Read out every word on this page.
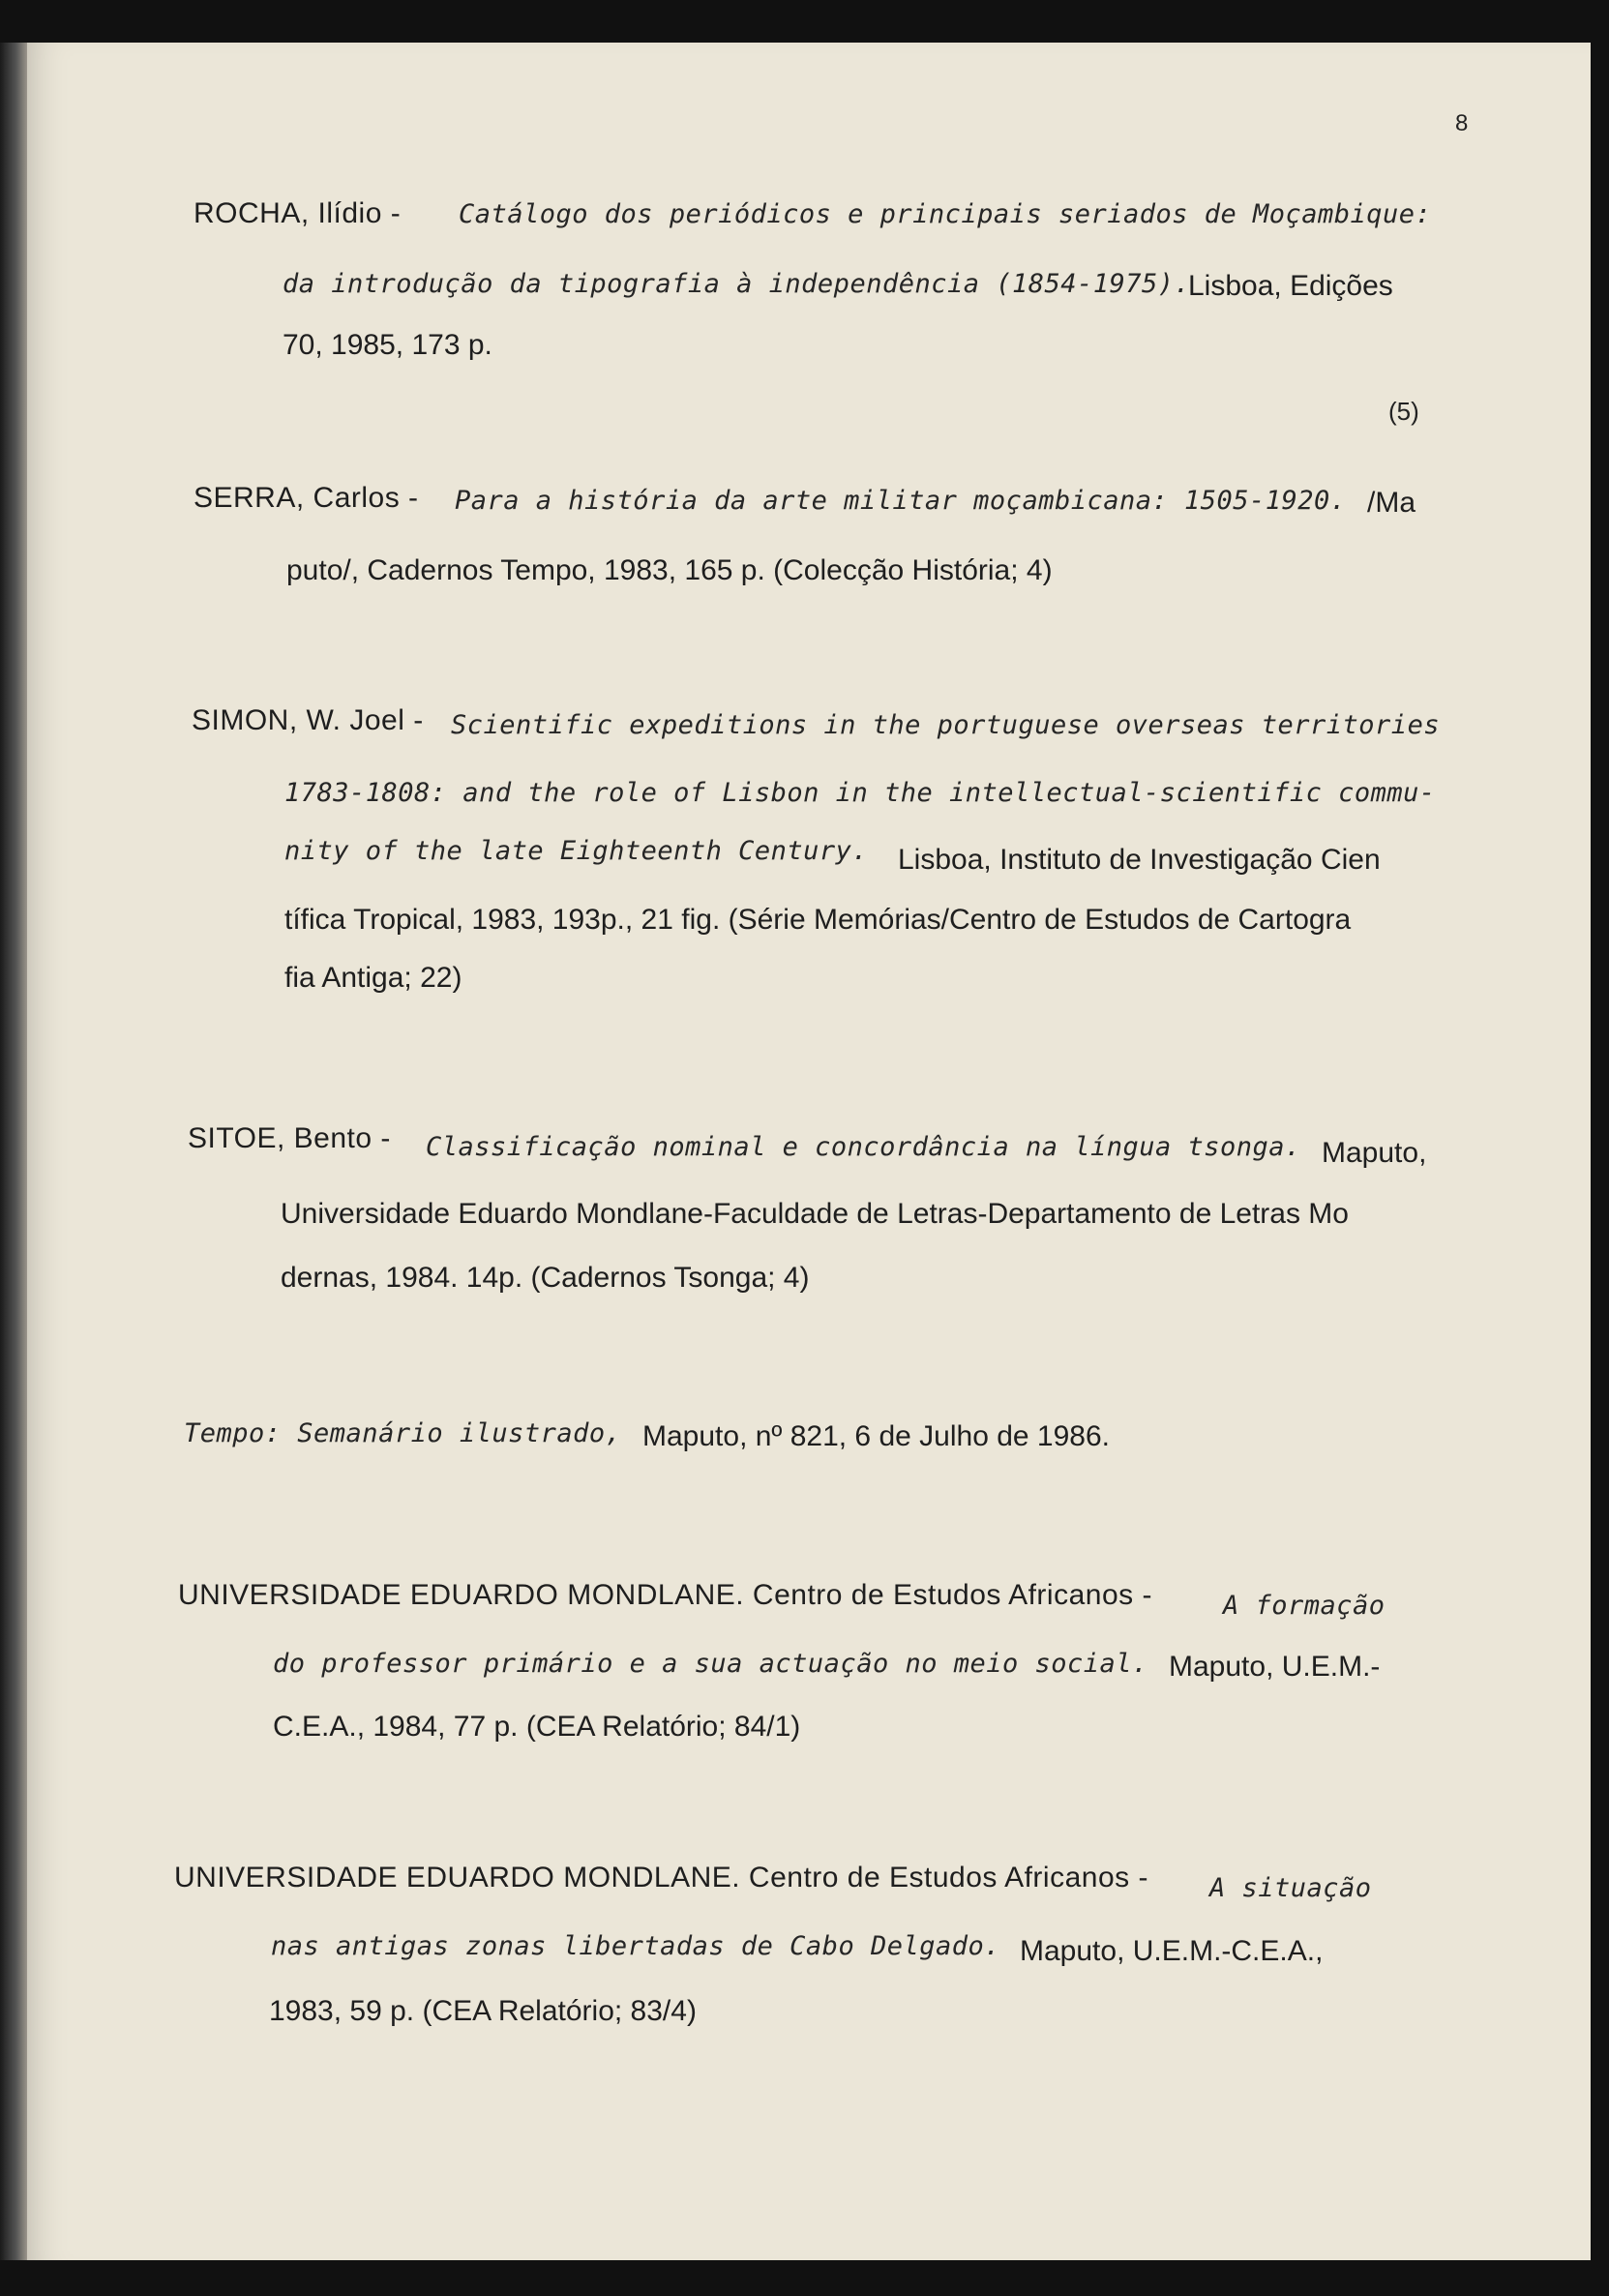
8
ROCHA, Ilídio - Catálogo dos periódicos e principais seriados de Moçambique:
da introdução da tipografia à independência (1854-1975).
Lisboa, Edições
70, 1985, 173 p.
(5)
SERRA, Carlos - Para a história da arte militar moçambicana: 1505-1920. /Ma
puto/, Cadernos Tempo, 1983, 165 p. (Colecção História; 4)
SIMON, W. Joel - Scientific expeditions in the portuguese overseas territories
1783-1808: and the role of Lisbon in the intellectual-scientific commu-
nity of the late Eighteenth Century. Lisboa, Instituto de Investigação Cien
tífica Tropical, 1983, 193p., 21 fig. (Série Memórias/Centro de Estudos de Cartogra
fia Antiga; 22)
SITOE, Bento - Classificação nominal e concordância na língua tsonga. Maputo,
Universidade Eduardo Mondlane-Faculdade de Letras-Departamento de Letras Mo
dernas, 1984. 14p. (Cadernos Tsonga; 4)
Tempo: Semanário ilustrado, Maputo, nº 821, 6 de Julho de 1986.
UNIVERSIDADE EDUARDO MONDLANE. Centro de Estudos Africanos -	A formação
do professor primário e a sua actuação no meio social. Maputo, U.E.M.-
C.E.A., 1984, 77 p. (CEA Relatório; 84/1)
UNIVERSIDADE EDUARDO MONDLANE. Centro de Estudos Africanos - A situação
nas antigas zonas libertadas de Cabo Delgado. Maputo, U.E.M.-C.E.A.,
1983, 59 p. (CEA Relatório; 83/4)
